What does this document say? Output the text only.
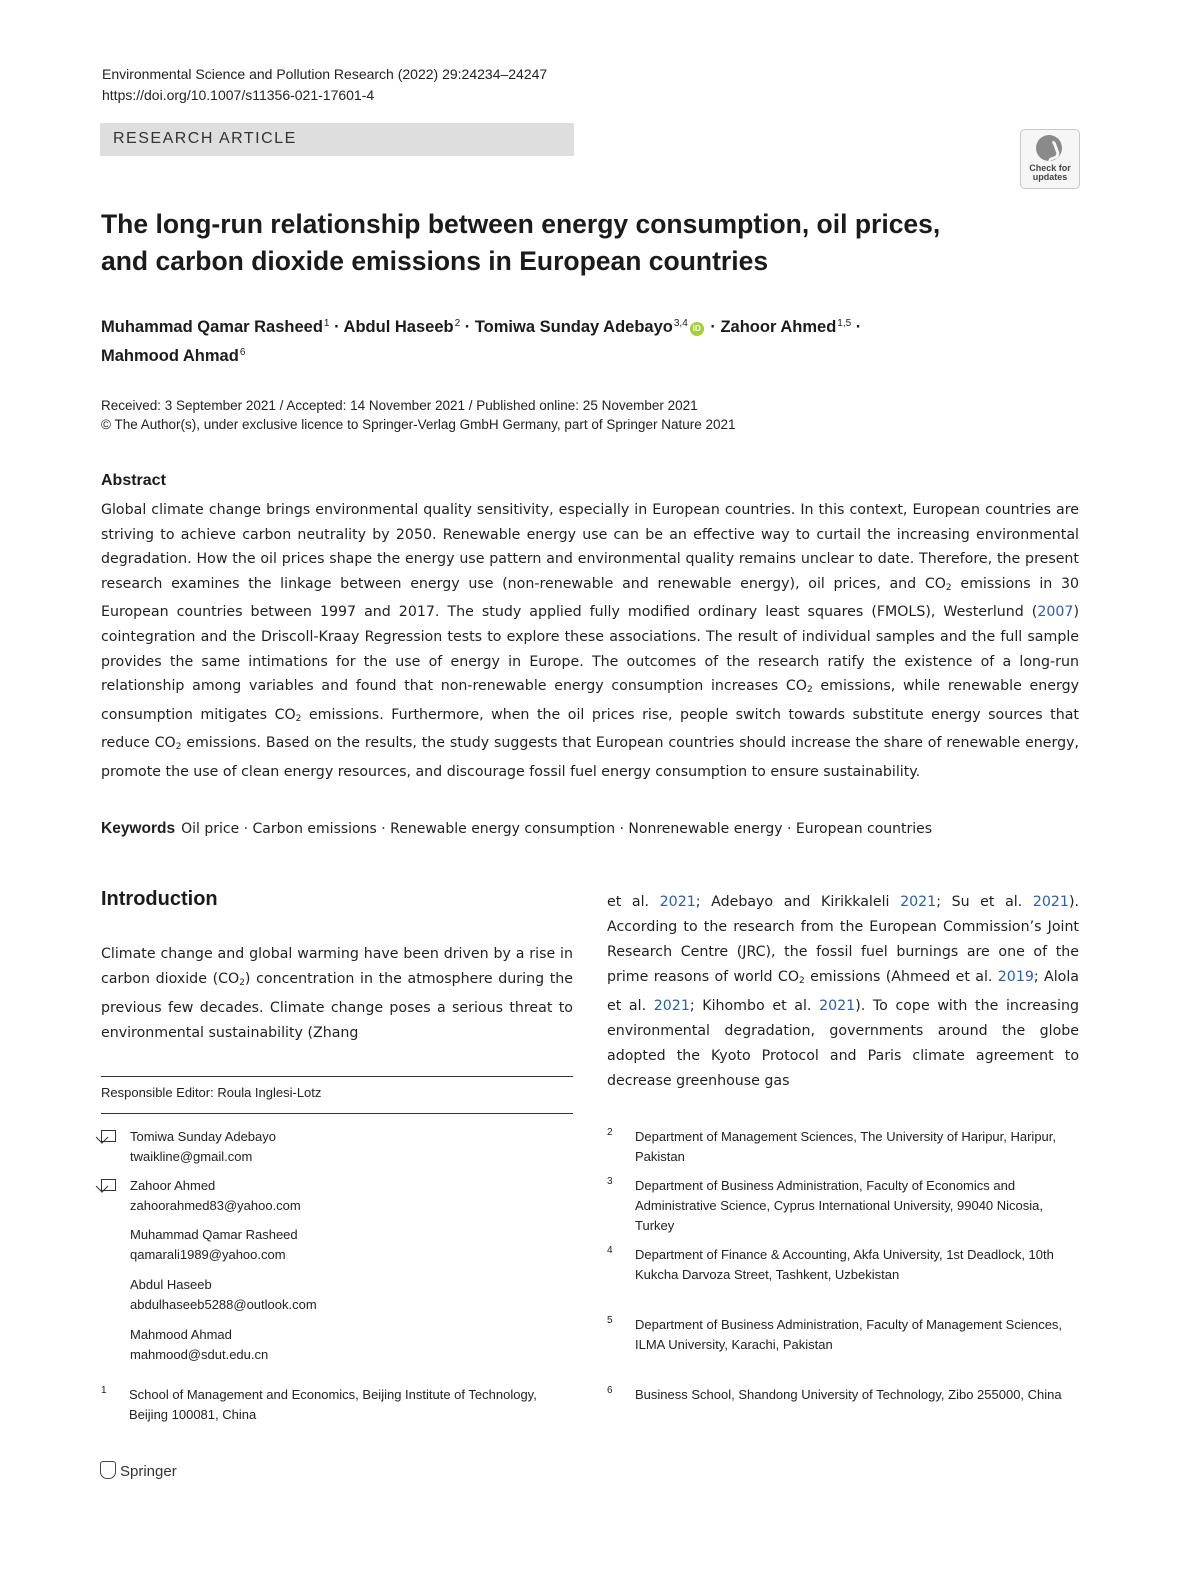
Environmental Science and Pollution Research (2022) 29:24234–24247
https://doi.org/10.1007/s11356-021-17601-4
RESEARCH ARTICLE
Check for updates
The long-run relationship between energy consumption, oil prices,
and carbon dioxide emissions in European countries
Muhammad Qamar Rasheed$^1$ · Abdul Haseeb$^2$ · Tomiwa Sunday Adebayo$^{3,4}$ iD · Zahoor Ahmed$^{1,5}$ ·
Mahmood Ahmad$^6$
Received: 3 September 2021 / Accepted: 14 November 2021 / Published online: 25 November 2021
© The Author(s), under exclusive licence to Springer-Verlag GmbH Germany, part of Springer Nature 2021
Abstract
Global climate change brings environmental quality sensitivity, especially in European countries. In this context, European countries are striving to achieve carbon neutrality by 2050. Renewable energy use can be an effective way to curtail the increasing environmental degradation. How the oil prices shape the energy use pattern and environmental quality remains unclear to date. Therefore, the present research examines the linkage between energy use (non-renewable and renewable energy), oil prices, and $CO_2$ emissions in 30 European countries between 1997 and 2017. The study applied fully modified ordinary least squares (FMOLS), Westerlund (2007) cointegration and the Driscoll-Kraay Regression tests to explore these associations. The result of individual samples and the full sample provides the same intimations for the use of energy in Europe. The outcomes of the research ratify the existence of a long-run relationship among variables and found that non-renewable energy consumption increases $CO_2$ emissions, while renewable energy consumption mitigates $CO_2$ emissions. Furthermore, when the oil prices rise, people switch towards substitute energy sources that reduce $CO_2$ emissions. Based on the results, the study suggests that European countries should increase the share of renewable energy, promote the use of clean energy resources, and discourage fossil fuel energy consumption to ensure sustainability.
Keywords Oil price · Carbon emissions · Renewable energy consumption · Nonrenewable energy · European countries
Introduction
Climate change and global warming have been driven by a rise in carbon dioxide $(CO_2)$ concentration in the atmosphere during the previous few decades. Climate change poses a serious threat to environmental sustainability (Zhang
et al. 2021; Adebayo and Kirikkaleli 2021; Su et al. 2021). According to the research from the European Commission’s Joint Research Centre (JRC), the fossil fuel burnings are one of the prime reasons of world $CO_2$ emissions (Ahmeed et al. 2019; Alola et al. 2021; Kihombo et al. 2021). To cope with the increasing environmental degradation, governments around the globe adopted the Kyoto Protocol and Paris climate agreement to decrease greenhouse gas
Responsible Editor: Roula Inglesi-Lotz
Tomiwa Sunday Adebayo
twaikline@gmail.com
Zahoor Ahmed
zahoorahmed83@yahoo.com
Muhammad Qamar Rasheed
qamarali1989@yahoo.com
Abdul Haseeb
abdulhaseeb5288@outlook.com
Mahmood Ahmad
mahmood@sdut.edu.cn
1 School of Management and Economics, Beijing Institute of Technology, Beijing 100081, China
2 Department of Management Sciences, The University of Haripur, Haripur, Pakistan
3 Department of Business Administration, Faculty of Economics and Administrative Science, Cyprus International University, 99040 Nicosia, Turkey
4 Department of Finance & Accounting, Akfa University, 1st Deadlock, 10th Kukcha Darvoza Street, Tashkent, Uzbekistan
5 Department of Business Administration, Faculty of Management Sciences, ILMA University, Karachi, Pakistan
6 Business School, Shandong University of Technology, Zibo 255000, China
Springer
